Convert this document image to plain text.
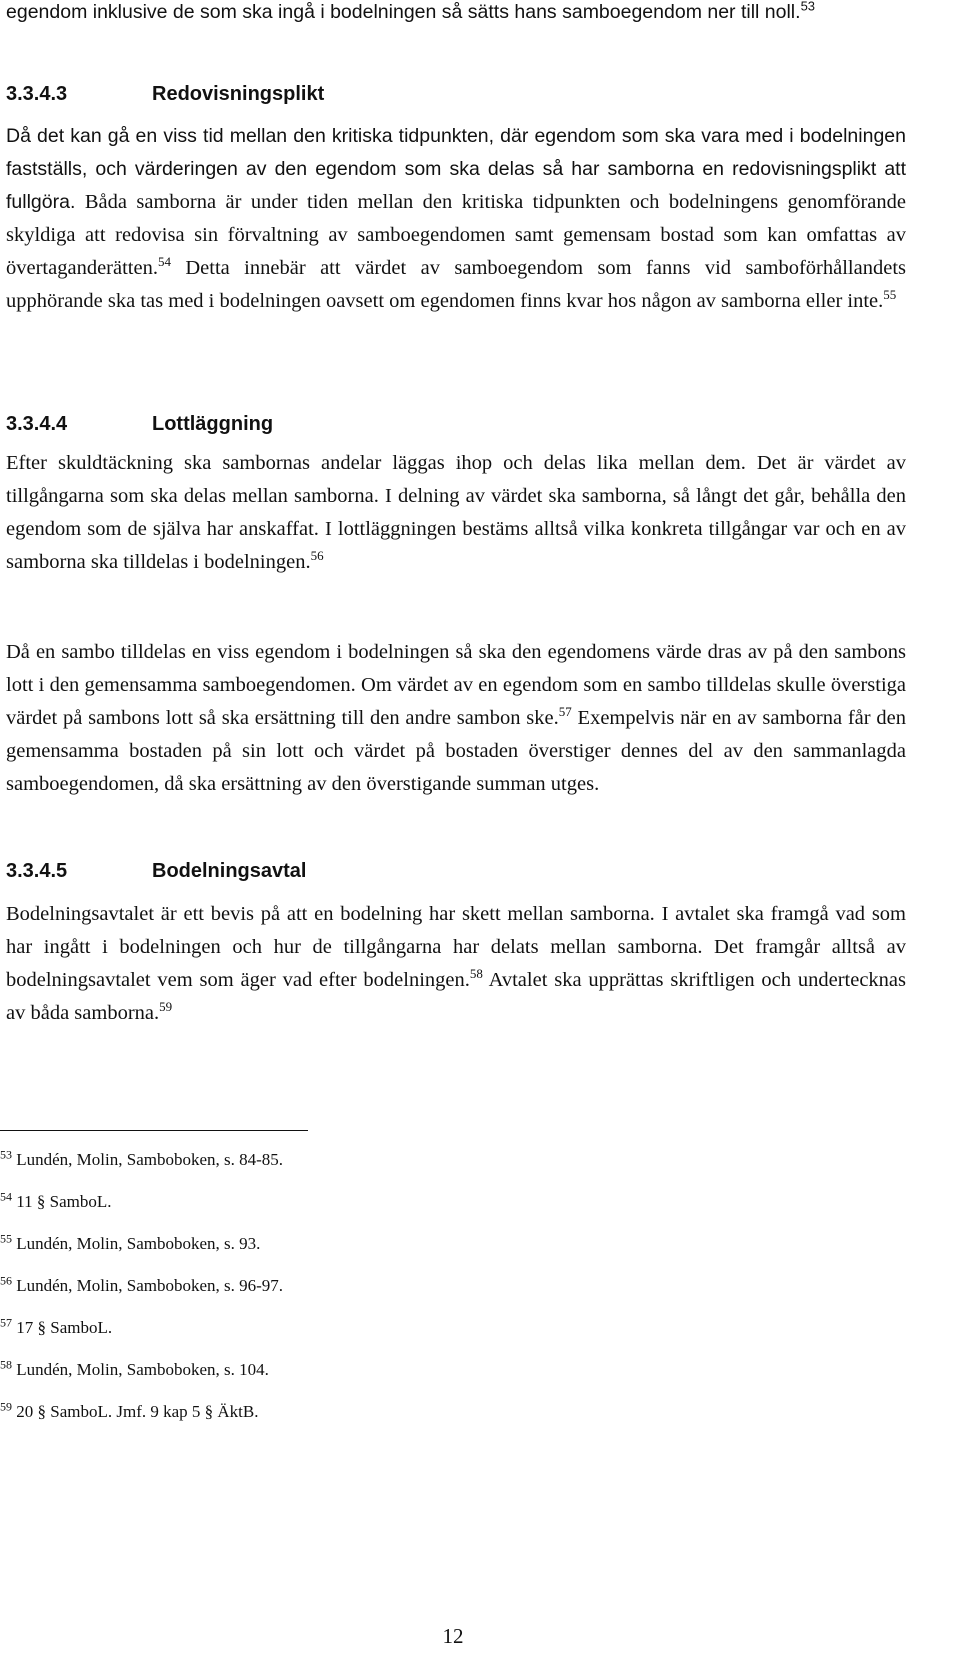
egendom inklusive de som ska ingå i bodelningen så sätts hans samboegendom ner till noll.$^{53}$

3.3.4.3	Redovisningsplikt

Då det kan gå en viss tid mellan den kritiska tidpunkten, där egendom som ska vara med i bodelningen fastställs, och värderingen av den egendom som ska delas så har samborna en redovisningsplikt att fullgöra. Båda samborna är under tiden mellan den kritiska tidpunkten och bodelningens genomförande skyldiga att redovisa sin förvaltning av samboegendomen samt gemensam bostad som kan omfattas av övertaganderätten.$^{54}$ Detta innebär att värdet av samboegendom som fanns vid samboförhållandets upphörande ska tas med i bodelningen oavsett om egendomen finns kvar hos någon av samborna eller inte.$^{55}$

3.3.4.4	Lottläggning

Efter skuldtäckning ska sambornas andelar läggas ihop och delas lika mellan dem. Det är värdet av tillgångarna som ska delas mellan samborna. I delning av värdet ska samborna, så långt det går, behålla den egendom som de själva har anskaffat. I lottläggningen bestäms alltså vilka konkreta tillgångar var och en av samborna ska tilldelas i bodelningen.$^{56}$

Då en sambo tilldelas en viss egendom i bodelningen så ska den egendomens värde dras av på den sambons lott i den gemensamma samboegendomen. Om värdet av en egendom som en sambo tilldelas skulle överstiga värdet på sambons lott så ska ersättning till den andre sambon ske.$^{57}$ Exempelvis när en av samborna får den gemensamma bostaden på sin lott och värdet på bostaden överstiger dennes del av den sammanlagda samboegendomen, då ska ersättning av den överstigande summan utges.

3.3.4.5	Bodelningsavtal

Bodelningsavtalet är ett bevis på att en bodelning har skett mellan samborna. I avtalet ska framgå vad som har ingått i bodelningen och hur de tillgångarna har delats mellan samborna. Det framgår alltså av bodelningsavtalet vem som äger vad efter bodelningen.$^{58}$ Avtalet ska upprättas skriftligen och undertecknas av båda samborna.$^{59}$

$^{53}$ Lundén, Molin, Samboboken, s. 84-85.

$^{54}$ 11 § SamboL.

$^{55}$ Lundén, Molin, Samboboken, s. 93.

$^{56}$ Lundén, Molin, Samboboken, s. 96-97.

$^{57}$ 17 § SamboL.

$^{58}$ Lundén, Molin, Samboboken, s. 104.

$^{59}$ 20 § SamboL. Jmf. 9 kap 5 § ÄktB.

12
